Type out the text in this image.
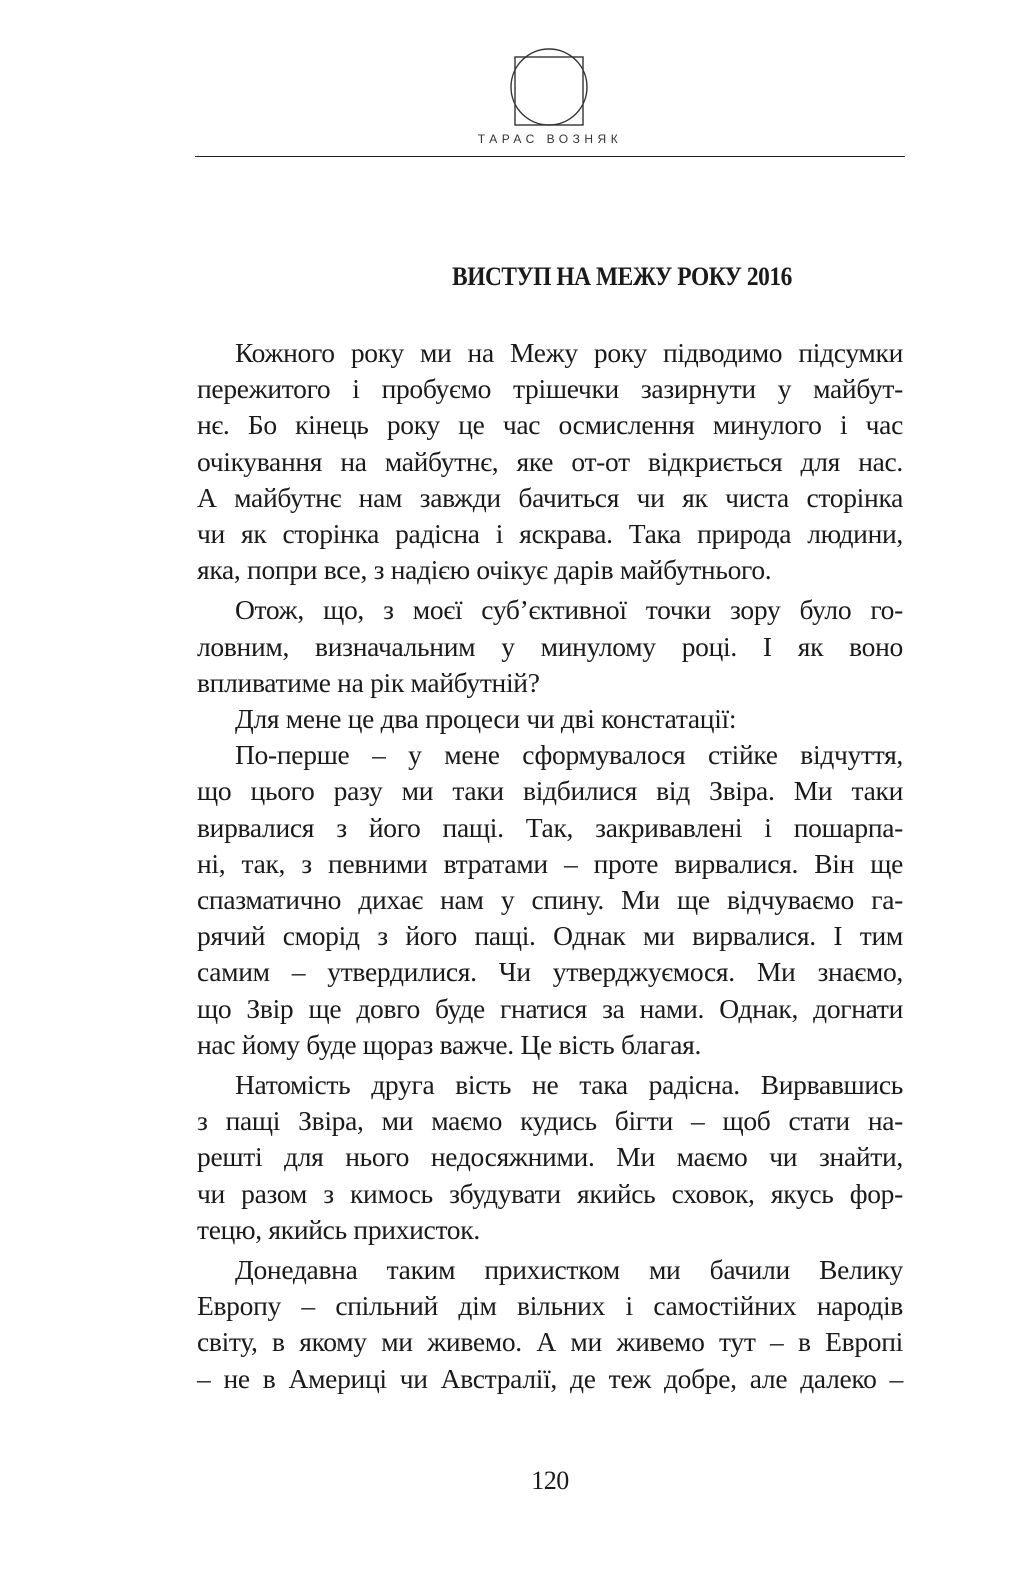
ТАРАС ВОЗНЯК
ВИСТУП НА МЕЖУ РОКУ 2016
Кожного року ми на Межу року підводимо підсумки
пережитого і пробуємо трішечки зазирнути у майбут-
нє. Бо кінець року це час осмислення минулого і час
очікування на майбутнє, яке от-от відкриється для нас.
А майбутнє нам завжди бачиться чи як чиста сторінка
чи як сторінка радісна і яскрава. Така природа людини,
яка, попри все, з надією очікує дарів майбутнього.
Отож, що, з моєї суб’єктивної точки зору було го-
ловним, визначальним у минулому році. І як воно
впливатиме на рік майбутній?
Для мене це два процеси чи дві констатації:
По-перше – у мене сформувалося стійке відчуття,
що цього разу ми таки відбилися від Звіра. Ми таки
вирвалися з його пащі. Так, закривавлені і пошарпа-
ні, так, з певними втратами – проте вирвалися. Він ще
спазматично дихає нам у спину. Ми ще відчуваємо га-
рячий сморід з його пащі. Однак ми вирвалися. І тим
самим – утвердилися. Чи утверджуємося. Ми знаємо,
що Звір ще довго буде гнатися за нами. Однак, догнати
нас йому буде щораз важче. Це вість благая.
Натомість друга вість не така радісна. Вирвавшись
з пащі Звіра, ми маємо кудись бігти – щоб стати на-
решті для нього недосяжними. Ми маємо чи знайти,
чи разом з кимось збудувати якийсь сховок, якусь фор-
тецю, якийсь прихисток.
Донедавна таким прихистком ми бачили Велику
Европу – спільний дім вільних і самостійних народів
світу, в якому ми живемо. А ми живемо тут – в Европі
– не в Америці чи Австралії, де теж добре, але далеко –
120
